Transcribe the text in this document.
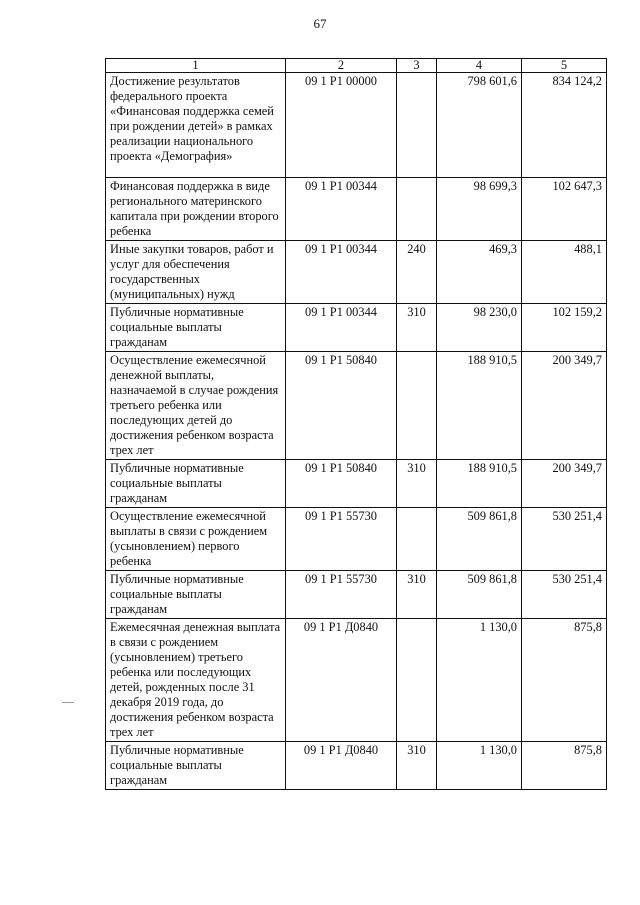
67
1	2	3	4	5
Достижение результатов федерального проекта «Финансовая поддержка семей при рождении детей» в рамках реализации национального проекта «Демография»	09 1 P1 00000		798 601,6	834 124,2
Финансовая поддержка в виде регионального материнского капитала при рождении второго ребенка	09 1 P1 00344		98 699,3	102 647,3
Иные закупки товаров, работ и услуг для обеспечения государственных (муниципальных) нужд	09 1 P1 00344	240	469,3	488,1
Публичные нормативные социальные выплаты гражданам	09 1 P1 00344	310	98 230,0	102 159,2
Осуществление ежемесячной денежной выплаты, назначаемой в случае рождения третьего ребенка или последующих детей до достижения ребенком возраста трех лет	09 1 P1 50840		188 910,5	200 349,7
Публичные нормативные социальные выплаты гражданам	09 1 P1 50840	310	188 910,5	200 349,7
Осуществление ежемесячной выплаты в связи с рождением (усыновлением) первого ребенка	09 1 P1 55730		509 861,8	530 251,4
Публичные нормативные социальные выплаты гражданам	09 1 P1 55730	310	509 861,8	530 251,4
Ежемесячная денежная выплата в связи с рождением (усыновлением) третьего ребенка или последующих детей, рожденных после 31 декабря 2019 года, до достижения ребенком возраста трех лет	09 1 P1 Д0840		1 130,0	875,8
Публичные нормативные социальные выплаты гражданам	09 1 P1 Д0840	310	1 130,0	875,8
